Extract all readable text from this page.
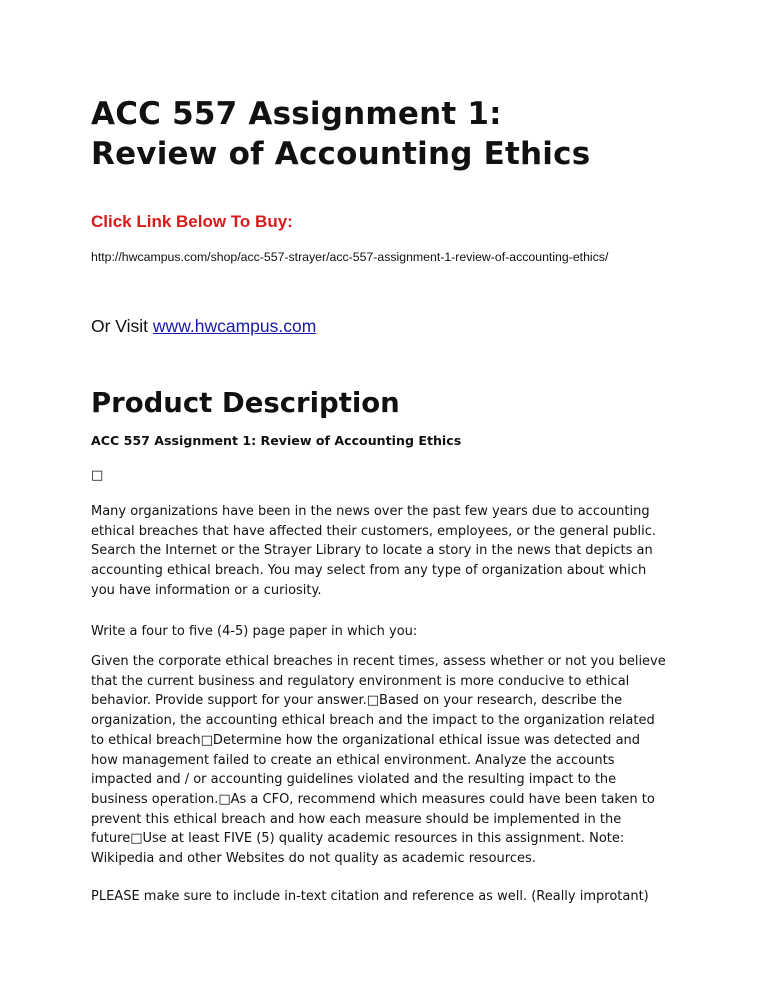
ACC 557 Assignment 1:
Review of Accounting Ethics
Click Link Below To Buy:
http://hwcampus.com/shop/acc-557-strayer/acc-557-assignment-1-review-of-accounting-ethics/
Or Visit www.hwcampus.com
Product Description
ACC 557 Assignment 1: Review of Accounting Ethics
□
Many organizations have been in the news over the past few years due to accounting
ethical breaches that have affected their customers, employees, or the general public.
Search the Internet or the Strayer Library to locate a story in the news that depicts an
accounting ethical breach. You may select from any type of organization about which
you have information or a curiosity.
Write a four to five (4-5) page paper in which you:
Given the corporate ethical breaches in recent times, assess whether or not you believe
that the current business and regulatory environment is more conducive to ethical
behavior. Provide support for your answer.□Based on your research, describe the
organization, the accounting ethical breach and the impact to the organization related
to ethical breach□Determine how the organizational ethical issue was detected and
how management failed to create an ethical environment. Analyze the accounts
impacted and / or accounting guidelines violated and the resulting impact to the
business operation.□As a CFO, recommend which measures could have been taken to
prevent this ethical breach and how each measure should be implemented in the
future□Use at least FIVE (5) quality academic resources in this assignment. Note:
Wikipedia and other Websites do not quality as academic resources.
PLEASE make sure to include in-text citation and reference as well. (Really improtant)
